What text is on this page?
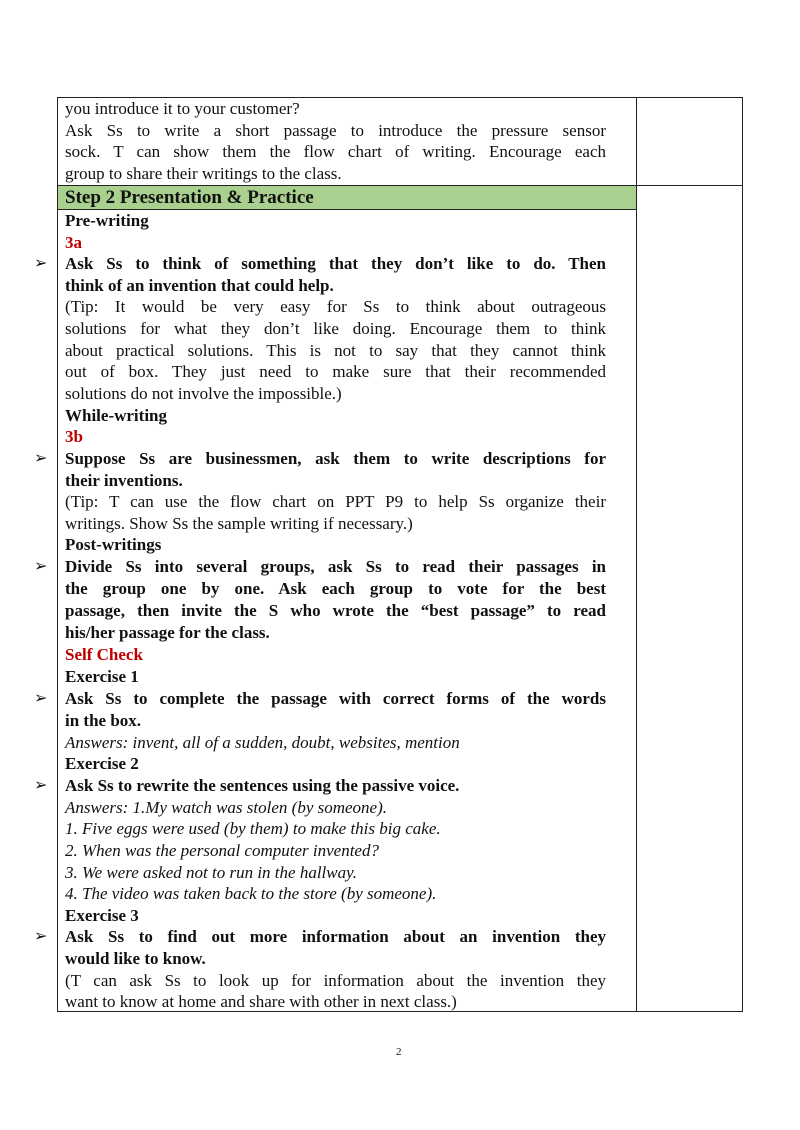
Step 2 Presentation & Practice
you introduce it to your customer?
Ask Ss to write a short passage to introduce the pressure sensor
sock. T can show them the flow chart of writing. Encourage each
group to share their writings to the class.
Pre-writing
3a
➢ Ask Ss to think of something that they don’t like to do. Then
think of an invention that could help.
(Tip: It would be very easy for Ss to think about outrageous
solutions for what they don’t like doing. Encourage them to think
about practical solutions. This is not to say that they cannot think
out of box. They just need to make sure that their recommended
solutions do not involve the impossible.)
While-writing
3b
➢ Suppose Ss are businessmen, ask them to write descriptions for
their inventions.
(Tip: T can use the flow chart on PPT P9 to help Ss organize their
writings. Show Ss the sample writing if necessary.)
Post-writings
➢ Divide Ss into several groups, ask Ss to read their passages in
the group one by one. Ask each group to vote for the best
passage, then invite the S who wrote the “best passage” to read
his/her passage for the class.
Self Check
Exercise 1
➢ Ask Ss to complete the passage with correct forms of the words
in the box.
Answers: invent, all of a sudden, doubt, websites, mention
Exercise 2
➢ Ask Ss to rewrite the sentences using the passive voice.
Answers: 1.My watch was stolen (by someone).
1. Five eggs were used (by them) to make this big cake.
2. When was the personal computer invented?
3. We were asked not to run in the hallway.
4. The video was taken back to the store (by someone).
Exercise 3
➢ Ask Ss to find out more information about an invention they
would like to know.
(T can ask Ss to look up for information about the invention they
want to know at home and share with other in next class.)
2
